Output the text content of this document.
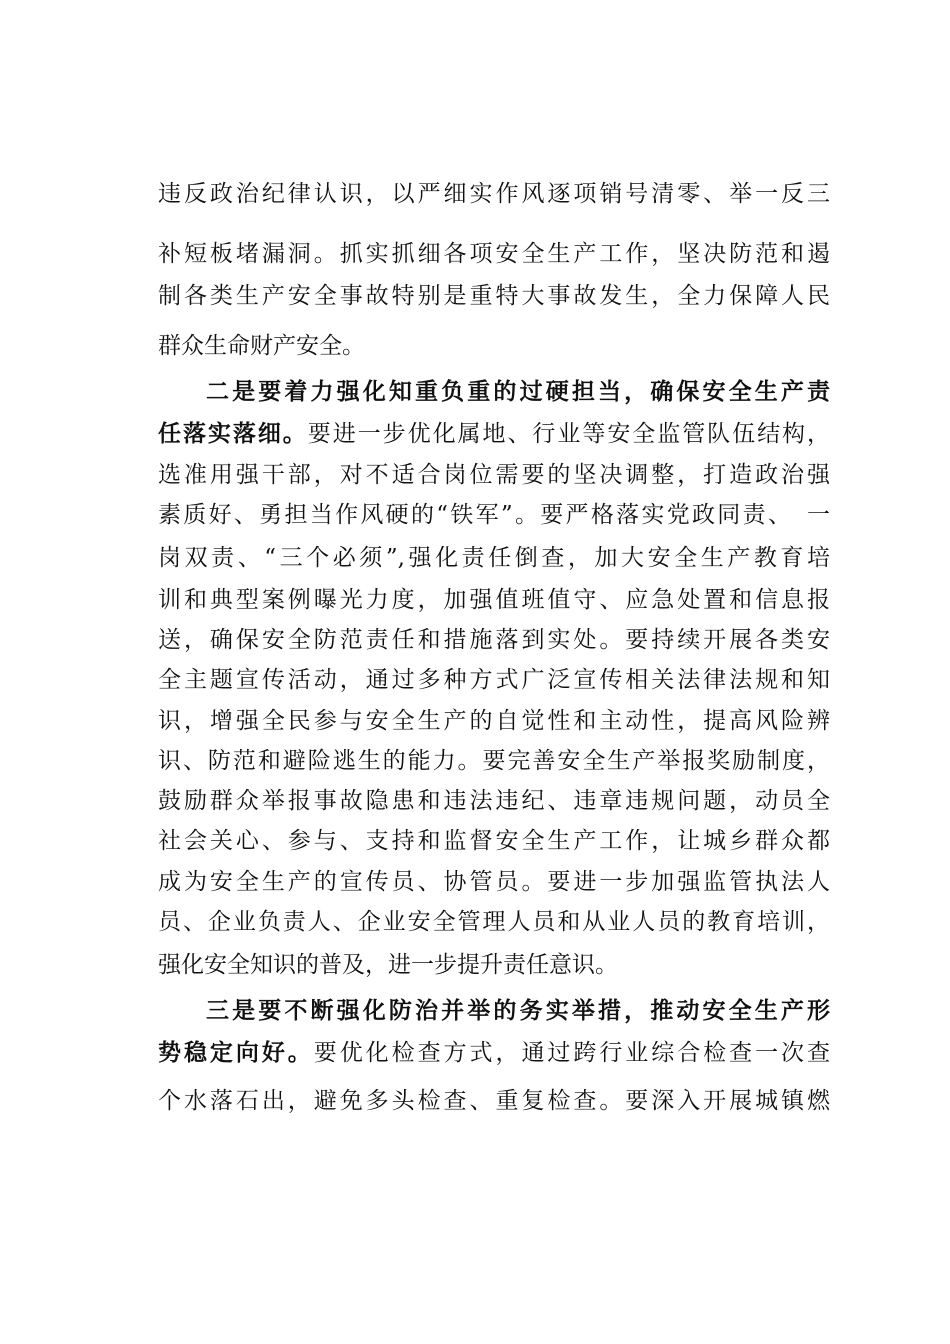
违反政治纪律认识，以严细实作风逐项销号清零、举一反三
补短板堵漏洞。抓实抓细各项安全生产工作，坚决防范和遏
制各类生产安全事故特别是重特大事故发生，全力保障人民
群众生命财产安全。
二是要着力强化知重负重的过硬担当，确保安全生产责
任落实落细。要进一步优化属地、行业等安全监管队伍结构，
选准用强干部，对不适合岗位需要的坚决调整，打造政治强
素质好、勇担当作风硬的“铁军”。要严格落实党政同责、　一
岗双责、“三个必须”,强化责任倒查，加大安全生产教育培
训和典型案例曝光力度，加强值班值守、应急处置和信息报
送，确保安全防范责任和措施落到实处。要持续开展各类安
全主题宣传活动，通过多种方式广泛宣传相关法律法规和知
识，增强全民参与安全生产的自觉性和主动性，提高风险辨
识、防范和避险逃生的能力。要完善安全生产举报奖励制度，
鼓励群众举报事故隐患和违法违纪、违章违规问题，动员全
社会关心、参与、支持和监督安全生产工作，让城乡群众都
成为安全生产的宣传员、协管员。要进一步加强监管执法人
员、企业负责人、企业安全管理人员和从业人员的教育培训，
强化安全知识的普及，进一步提升责任意识。
三是要不断强化防治并举的务实举措，推动安全生产形
势稳定向好。要优化检查方式，通过跨行业综合检查一次查
个水落石出，避免多头检查、重复检查。要深入开展城镇燃
